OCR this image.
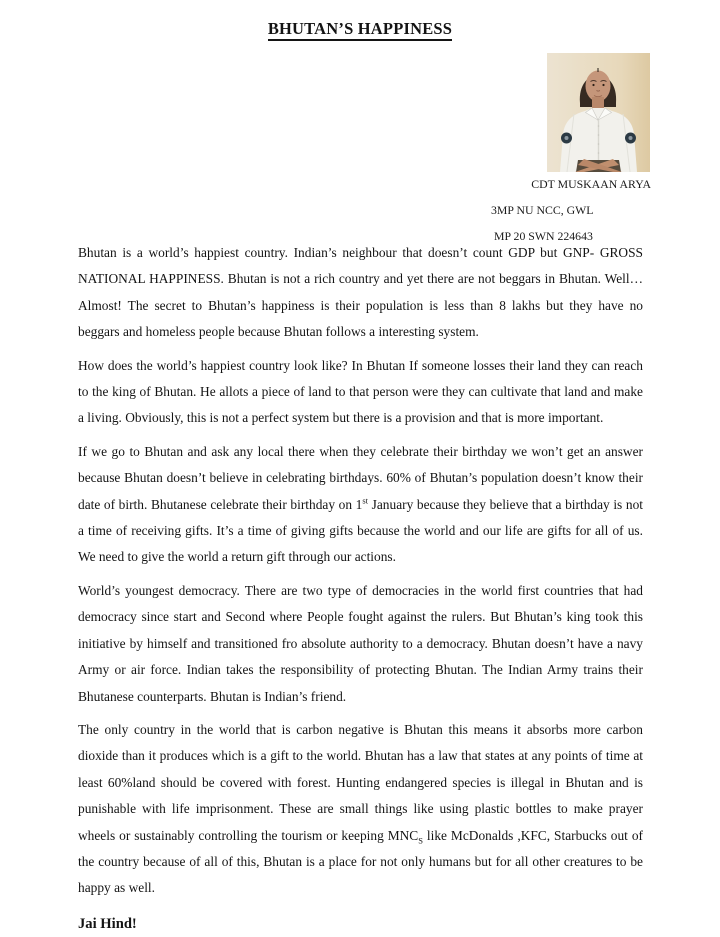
BHUTAN’S HAPPINESS
CDT MUSKAAN ARYA
3MP NU NCC, GWL
MP 20 SWN 224643

Bhutan is a world’s happiest country. Indian’s neighbour that doesn’t count GDP but GNP- GROSS NATIONAL HAPPINESS. Bhutan is not a rich country and yet there are not beggars in Bhutan. Well… Almost! The secret to Bhutan’s happiness is their population is less than 8 lakhs but they have no beggars and homeless people because Bhutan follows a interesting system.

How does the world’s happiest country look like? In Bhutan If someone losses their land they can reach to the king of Bhutan. He allots a piece of land to that person were they can cultivate that land and make a living. Obviously, this is not a perfect system but there is a provision and that is more important.

If we go to Bhutan and ask any local there when they celebrate their birthday we won’t get an answer because Bhutan doesn’t believe in celebrating birthdays. 60% of Bhutan’s population doesn’t know their date of birth. Bhutanese celebrate their birthday on 1st January because they believe that a birthday is not a time of receiving gifts. It’s a time of giving gifts because the world and our life are gifts for all of us. We need to give the world a return gift through our actions.

World’s youngest democracy. There are two type of democracies in the world first countries that had democracy since start and Second where People fought against the rulers. But Bhutan’s king took this initiative by himself and transitioned fro absolute authority to a democracy. Bhutan doesn’t have a navy Army or air force. Indian takes the responsibility of protecting Bhutan. The Indian Army trains their Bhutanese counterparts. Bhutan is Indian’s friend.

The only country in the world that is carbon negative is Bhutan this means it absorbs more carbon dioxide than it produces which is a gift to the world. Bhutan has a law that states at any points of time at least 60%land should be covered with forest. Hunting endangered species is illegal in Bhutan and is punishable with life imprisonment. These are small things like using plastic bottles to make prayer wheels or sustainably controlling the tourism or keeping $MNC_S$ like McDonalds ,KFC, Starbucks out of the country because of all of this, Bhutan is a place for not only humans but for all other creatures to be happy as well.

Jai Hind!
